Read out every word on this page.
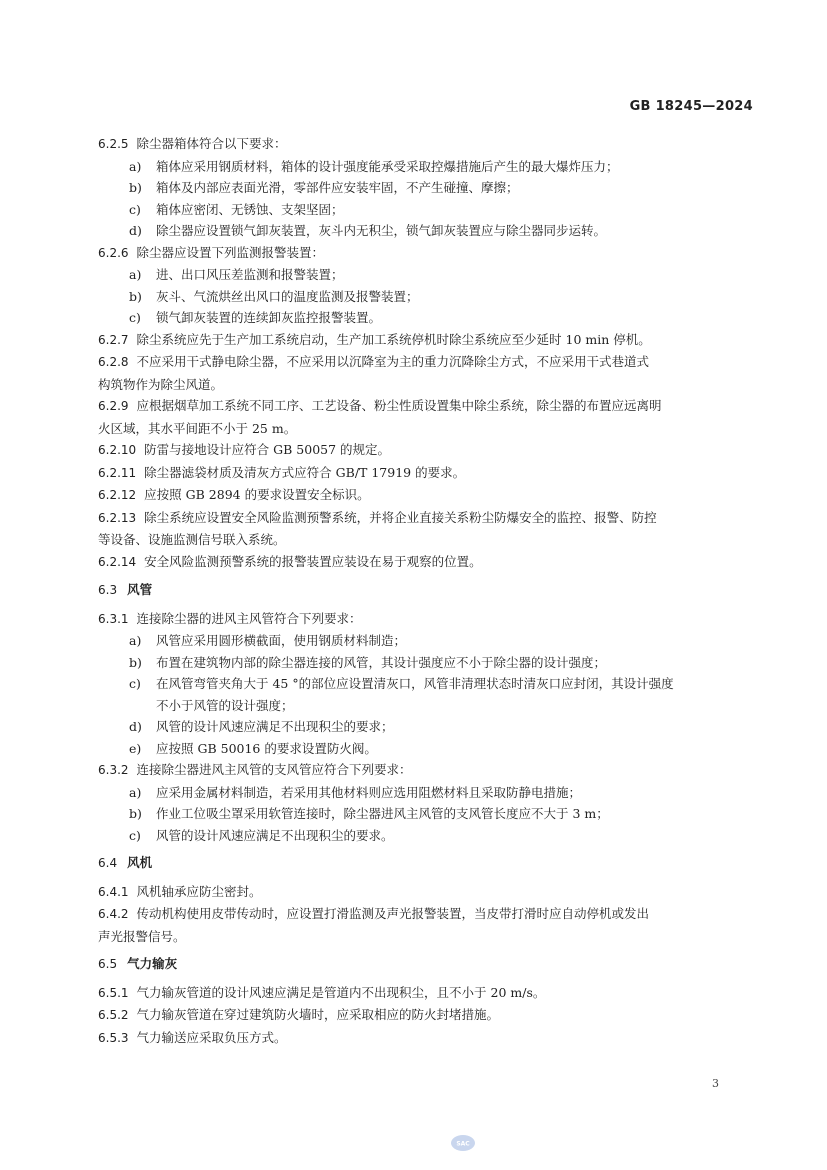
GB 18245—2024
6.2.5 除尘器箱体符合以下要求：
a) 箱体应采用钢质材料，箱体的设计强度能承受采取控爆措施后产生的最大爆炸压力；
b) 箱体及内部应表面光滑，零部件应安装牢固，不产生碰撞、摩擦；
c) 箱体应密闭、无锈蚀、支架坚固；
d) 除尘器应设置锁气卸灰装置，灰斗内无积尘，锁气卸灰装置应与除尘器同步运转。
6.2.6 除尘器应设置下列监测报警装置：
a) 进、出口风压差监测和报警装置；
b) 灰斗、气流烘丝出风口的温度监测及报警装置；
c) 锁气卸灰装置的连续卸灰监控报警装置。
6.2.7 除尘系统应先于生产加工系统启动，生产加工系统停机时除尘系统应至少延时 10 min 停机。
6.2.8 不应采用干式静电除尘器，不应采用以沉降室为主的重力沉降除尘方式，不应采用干式巷道式
构筑物作为除尘风道。
6.2.9 应根据烟草加工系统不同工序、工艺设备、粉尘性质设置集中除尘系统，除尘器的布置应远离明
火区域，其水平间距不小于 25 m。
6.2.10 防雷与接地设计应符合 GB 50057 的规定。
6.2.11 除尘器滤袋材质及清灰方式应符合 GB/T 17919 的要求。
6.2.12 应按照 GB 2894 的要求设置安全标识。
6.2.13 除尘系统应设置安全风险监测预警系统，并将企业直接关系粉尘防爆安全的监控、报警、防控
等设备、设施监测信号联入系统。
6.2.14 安全风险监测预警系统的报警装置应装设在易于观察的位置。
6.3 风管
6.3.1 连接除尘器的进风主风管符合下列要求：
a) 风管应采用圆形横截面，使用钢质材料制造；
b) 布置在建筑物内部的除尘器连接的风管，其设计强度应不小于除尘器的设计强度；
c) 在风管弯管夹角大于 45 °的部位应设置清灰口，风管非清理状态时清灰口应封闭，其设计强度
不小于风管的设计强度；
d) 风管的设计风速应满足不出现积尘的要求；
e) 应按照 GB 50016 的要求设置防火阀。
6.3.2 连接除尘器进风主风管的支风管应符合下列要求：
a) 应采用金属材料制造，若采用其他材料则应选用阻燃材料且采取防静电措施；
b) 作业工位吸尘罩采用软管连接时，除尘器进风主风管的支风管长度应不大于 3 m；
c) 风管的设计风速应满足不出现积尘的要求。
6.4 风机
6.4.1 风机轴承应防尘密封。
6.4.2 传动机构使用皮带传动时，应设置打滑监测及声光报警装置，当皮带打滑时应自动停机或发出
声光报警信号。
6.5 气力输灰
6.5.1 气力输灰管道的设计风速应满足是管道内不出现积尘，且不小于 20 m/s。
6.5.2 气力输灰管道在穿过建筑防火墙时，应采取相应的防火封堵措施。
6.5.3 气力输送应采取负压方式。
3
SAC
